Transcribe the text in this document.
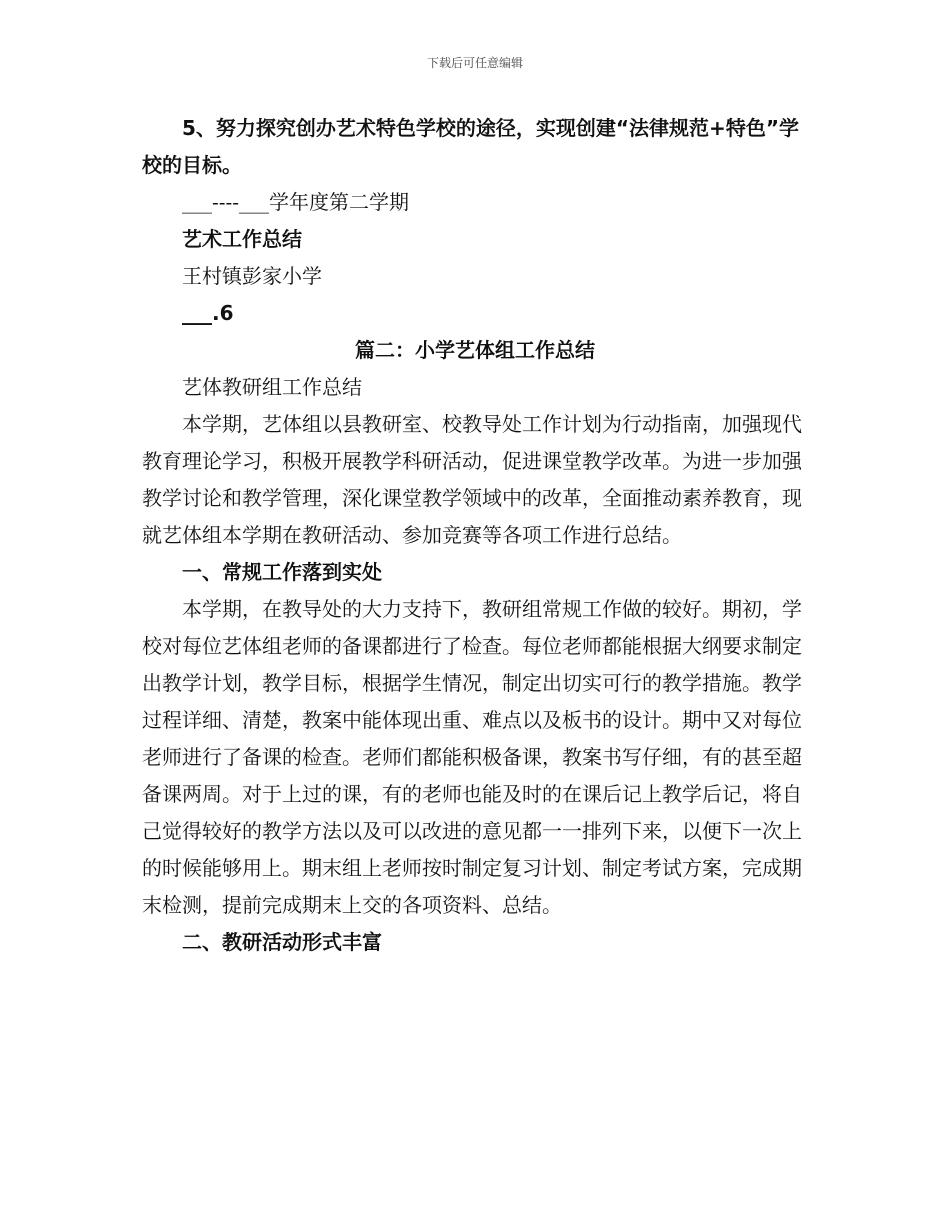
下载后可任意编辑

5、努力探究创办艺术特色学校的途径，实现创建“法律规范+特色”学校的目标。

___----___学年度第二学期

艺术工作总结

王村镇彭家小学

___.6

篇二：小学艺体组工作总结

艺体教研组工作总结

本学期，艺体组以县教研室、校教导处工作计划为行动指南，加强现代教育理论学习，积极开展教学科研活动，促进课堂教学改革。为进一步加强教学讨论和教学管理，深化课堂教学领域中的改革，全面推动素养教育，现就艺体组本学期在教研活动、参加竞赛等各项工作进行总结。

一、常规工作落到实处

本学期，在教导处的大力支持下，教研组常规工作做的较好。期初，学校对每位艺体组老师的备课都进行了检查。每位老师都能根据大纲要求制定出教学计划，教学目标，根据学生情况，制定出切实可行的教学措施。教学过程详细、清楚，教案中能体现出重、难点以及板书的设计。期中又对每位老师进行了备课的检查。老师们都能积极备课，教案书写仔细，有的甚至超备课两周。对于上过的课，有的老师也能及时的在课后记上教学后记，将自己觉得较好的教学方法以及可以改进的意见都一一排列下来，以便下一次上的时候能够用上。期末组上老师按时制定复习计划、制定考试方案，完成期末检测，提前完成期末上交的各项资料、总结。

二、教研活动形式丰富
